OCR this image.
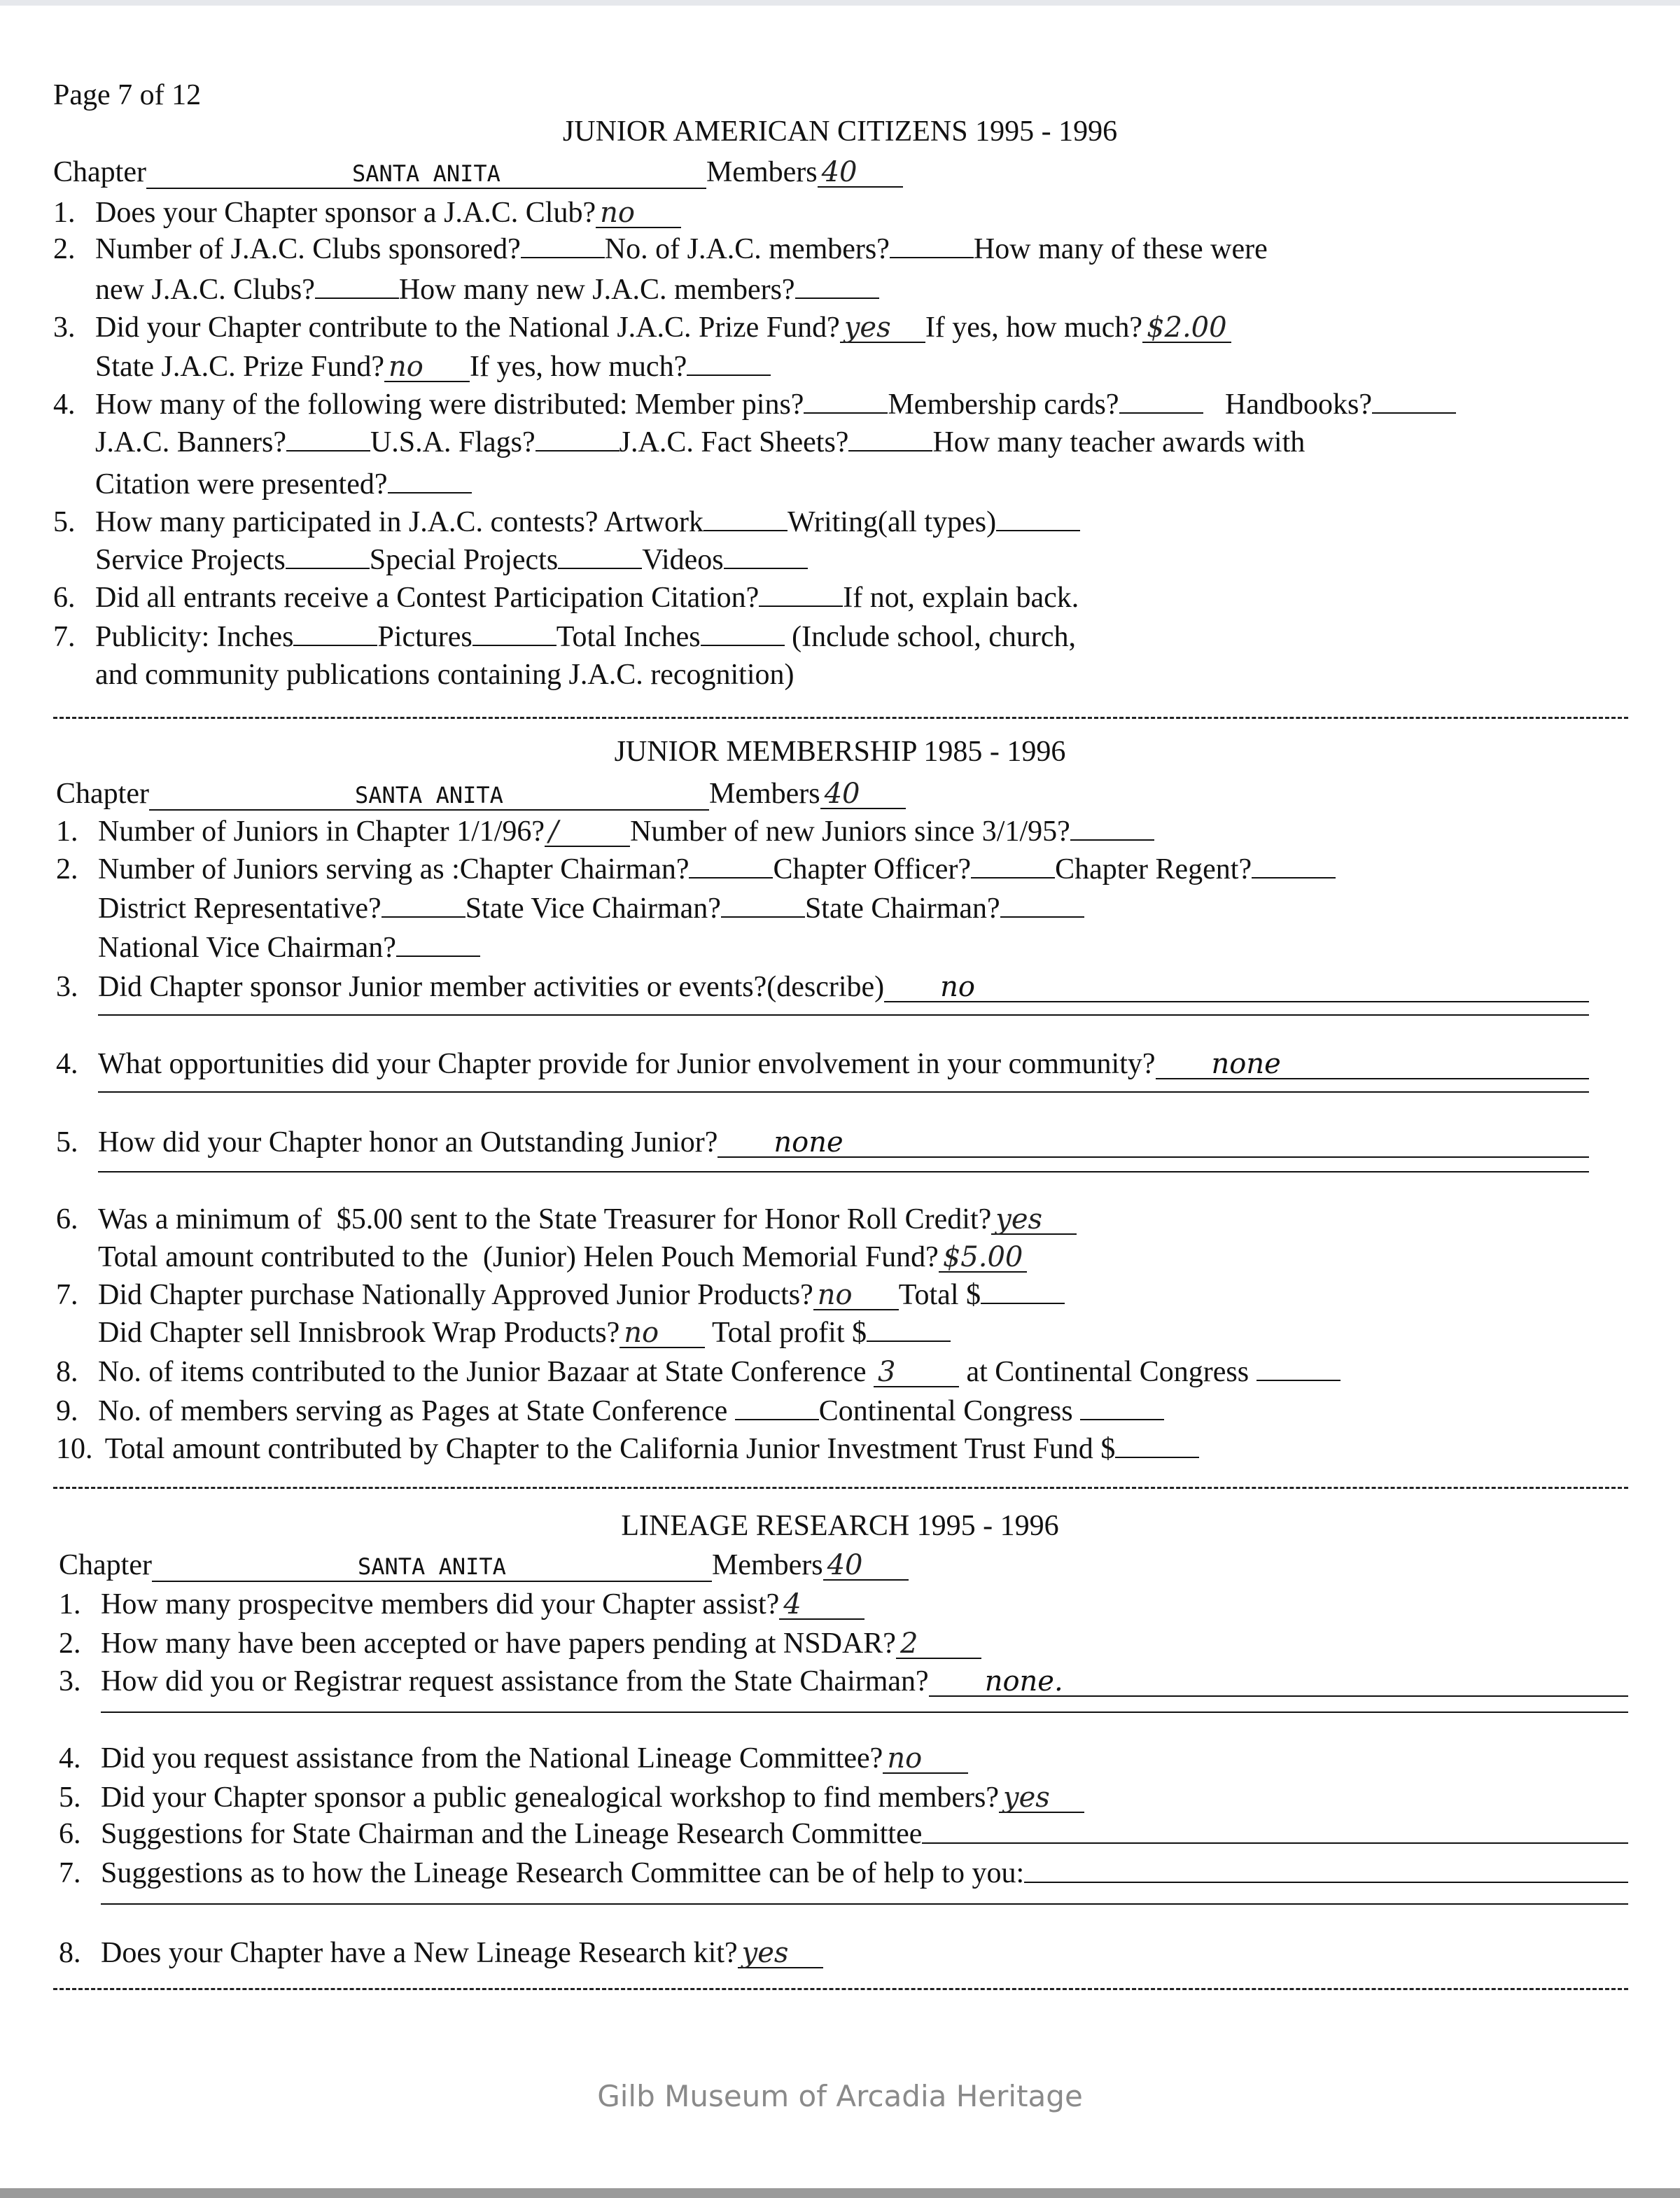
Page 7 of 12
JUNIOR AMERICAN CITIZENS 1995 - 1996
Chapter	SANTA ANITA	Members 40
1. Does your Chapter sponsor a J.A.C. Club? no
2. Number of J.A.C. Clubs sponsored?	No. of J.A.C. members?	How many of these were
new J.A.C. Clubs?	How many new J.A.C. members?
3. Did your Chapter contribute to the National J.A.C. Prize Fund? yes	If yes, how much? $2.00
State J.A.C. Prize Fund? no	If yes, how much?
4. How many of the following were distributed: Member pins?	Membership cards?	Handbooks?
J.A.C. Banners?	U.S.A. Flags?	J.A.C. Fact Sheets?	How many teacher awards with
Citation were presented?
5. How many participated in J.A.C. contests? Artwork	Writing(all types)
Service Projects	Special Projects	Videos
6. Did all entrants receive a Contest Participation Citation?	If not, explain back.
7. Publicity: Inches	Pictures	Total Inches	(Include school, church,
and community publications containing J.A.C. recognition)
JUNIOR MEMBERSHIP 1985 - 1996
Chapter	SANTA ANITA	Members 40
1. Number of Juniors in Chapter 1/1/96? /	Number of new Juniors since 3/1/95?
2. Number of Juniors serving as :Chapter Chairman?	Chapter Officer?	Chapter Regent?
District Representative?	State Vice Chairman?	State Chairman?
National Vice Chairman?
3. Did Chapter sponsor Junior member activities or events?(describe)	no
4. What opportunities did your Chapter provide for Junior envolvement in your community?	none
5. How did your Chapter honor an Outstanding Junior?	none
6. Was a minimum of  $5.00 sent to the State Treasurer for Honor Roll Credit? yes
Total amount contributed to the  (Junior) Helen Pouch Memorial Fund? $5.00
7. Did Chapter purchase Nationally Approved Junior Products? no	Total $
Did Chapter sell Innisbrook Wrap Products? no	Total profit $
8. No. of items contributed to the Junior Bazaar at State Conference 3	at Continental Congress
9. No. of members serving as Pages at State Conference	Continental Congress
10. Total amount contributed by Chapter to the California Junior Investment Trust Fund $
LINEAGE RESEARCH 1995 - 1996
Chapter	SANTA ANITA	Members 40
1. How many prospecitve members did your Chapter assist? 4
2. How many have been accepted or have papers pending at NSDAR? 2
3. How did you or Registrar request assistance from the State Chairman?	none.
4. Did you request assistance from the National Lineage Committee? no
5. Did your Chapter sponsor a public genealogical workshop to find members? yes
6. Suggestions for State Chairman and the Lineage Research Committee
7. Suggestions as to how the Lineage Research Committee can be of help to you:
8. Does your Chapter have a New Lineage Research kit? yes
Gilb Museum of Arcadia Heritage
